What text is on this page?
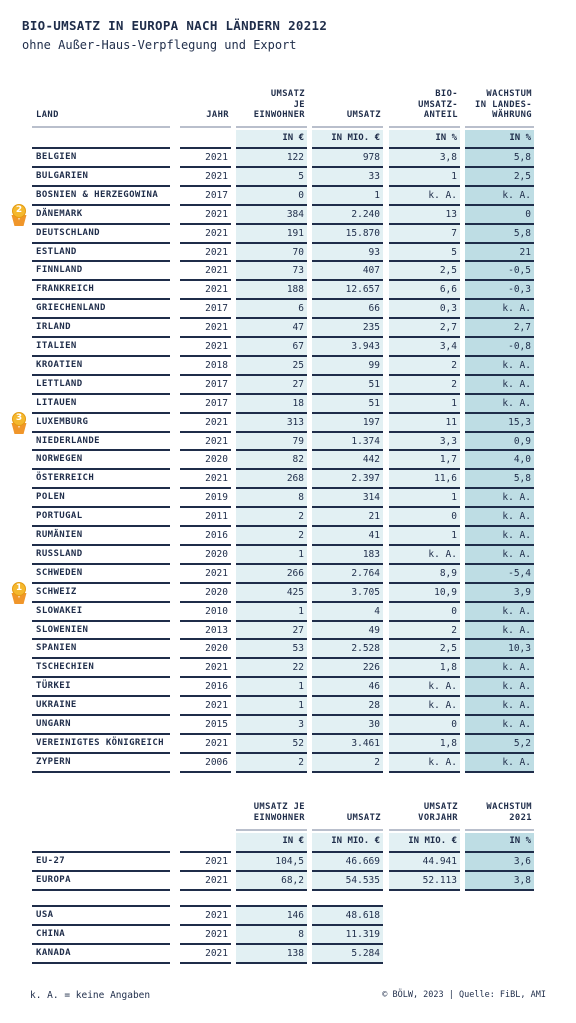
BIO-UMSATZ IN EUROPA NACH LÄNDERN 20212
ohne Außer-Haus-Verpflegung und Export
LAND	JAHR
UMSATZ
JE
EINWOHNER	UMSATZ
BIO-
UMSATZ-
ANTEIL
WACHSTUM
IN LANDES-
WÄHRUNG
IN €	IN MIO. €	IN %	IN %
BELGIEN	2021	122	978	3,8	5,8
BULGARIEN	2021	5	33	1	2,5
BOSNIEN & HERZEGOWINA	2017	0	1	k. A.	k. A.
DÄNEMARK	2021	384	2.240	13	0
DEUTSCHLAND	2021	191	15.870	7	5,8
ESTLAND	2021	70	93	5	21
FINNLAND	2021	73	407	2,5	-0,5
FRANKREICH	2021	188	12.657	6,6	-0,3
GRIECHENLAND	2017	6	66	0,3	k. A.
IRLAND	2021	47	235	2,7	2,7
ITALIEN	2021	67	3.943	3,4	-0,8
KROATIEN	2018	25	99	2	k. A.
LETTLAND	2017	27	51	2	k. A.
LITAUEN	2017	18	51	1	k. A.
LUXEMBURG	2021	313	197	11	15,3
NIEDERLANDE	2021	79	1.374	3,3	0,9
NORWEGEN	2020	82	442	1,7	4,0
ÖSTERREICH	2021	268	2.397	11,6	5,8
POLEN	2019	8	314	1	k. A.
PORTUGAL	2011	2	21	0	k. A.
RUMÄNIEN	2016	2	41	1	k. A.
RUSSLAND	2020	1	183	k. A.	k. A.
SCHWEDEN	2021	266	2.764	8,9	-5,4
SCHWEIZ	2020	425	3.705	10,9	3,9
SLOWAKEI	2010	1	4	0	k. A.
SLOWENIEN	2013	27	49	2	k. A.
SPANIEN	2020	53	2.528	2,5	10,3
TSCHECHIEN	2021	22	226	1,8	k. A.
TÜRKEI	2016	1	46	k. A.	k. A.
UKRAINE	2021	1	28	k. A.	k. A.
UNGARN	2015	3	30	0	k. A.
VEREINIGTES KÖNIGREICH	2021	52	3.461	1,8	5,2
ZYPERN	2006	2	2	k. A.	k. A.
2
3
1
UMSATZ JE
EINWOHNER	UMSATZ
UMSATZ
VORJAHR
WACHSTUM
2021
IN €	IN MIO. €	IN MIO. €	IN %
EU-27	2021	104,5	46.669	44.941	3,6
EUROPA	2021	68,2	54.535	52.113	3,8
USA	2021	146	48.618
CHINA	2021	8	11.319
KANADA	2021	138	5.284
k. A. = keine Angaben	© BÖLW, 2023 | Quelle: FiBL, AMI
